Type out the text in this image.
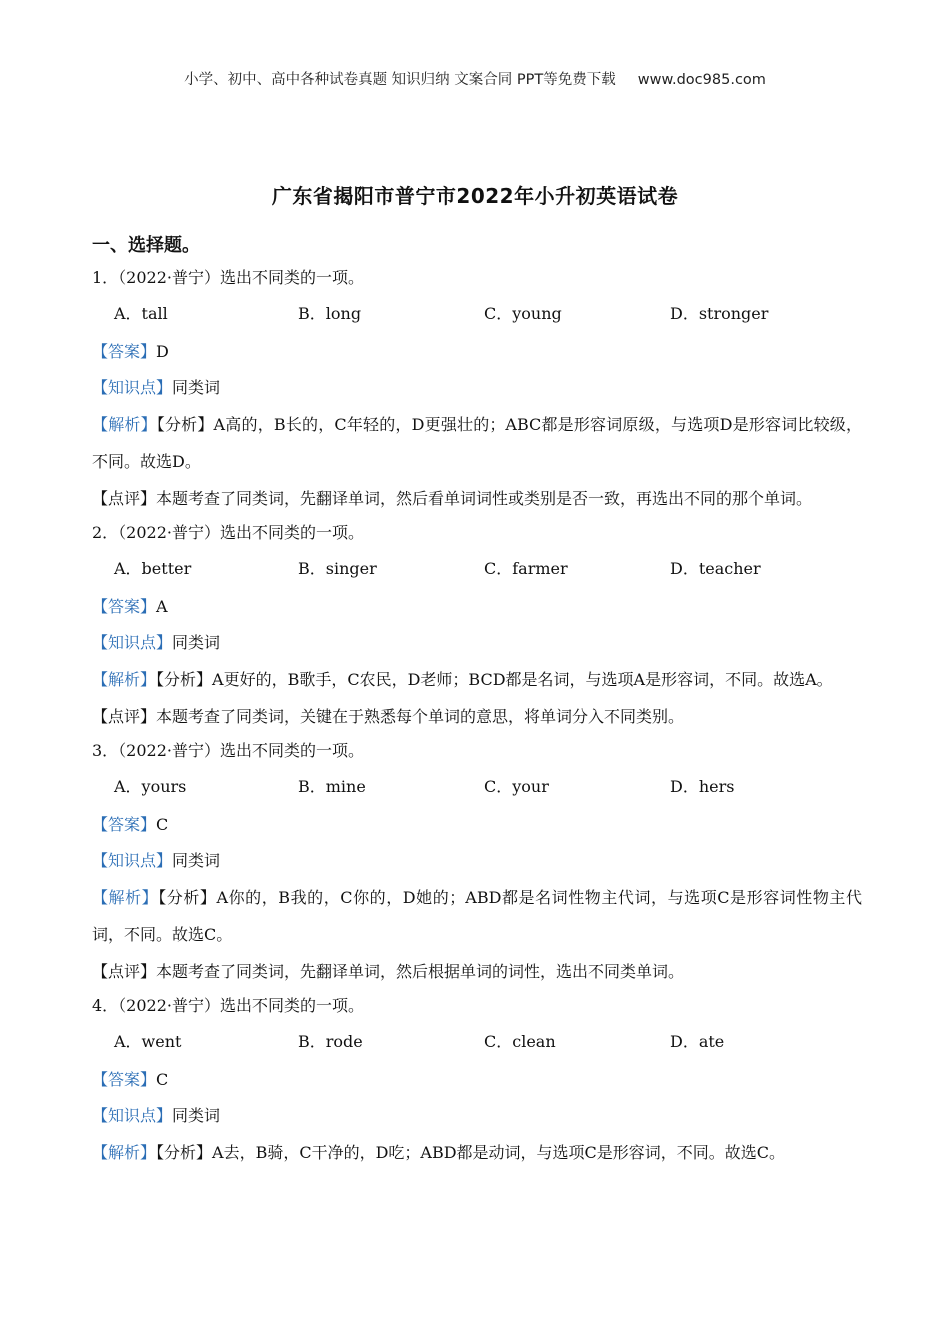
小学、初中、高中各种试卷真题 知识归纳 文案合同 PPT等免费下载 www.doc985.com
广东省揭阳市普宁市2022年小升初英语试卷
一、选择题。
1．（2022·普宁）选出不同类的一项。
A．tall	B．long	C．young	D．stronger
【答案】D
【知识点】同类词
【解析】【分析】A高的，B长的，C年轻的，D更强壮的；ABC都是形容词原级，与选项D是形容词比较级，不同。故选D。
【点评】本题考查了同类词，先翻译单词，然后看单词词性或类别是否一致，再选出不同的那个单词。
2．（2022·普宁）选出不同类的一项。
A．better	B．singer	C．farmer	D．teacher
【答案】A
【知识点】同类词
【解析】【分析】A更好的，B歌手，C农民，D老师；BCD都是名词，与选项A是形容词，不同。故选A。
【点评】本题考查了同类词，关键在于熟悉每个单词的意思，将单词分入不同类别。
3．（2022·普宁）选出不同类的一项。
A．yours	B．mine	C．your	D．hers
【答案】C
【知识点】同类词
【解析】【分析】A你的，B我的，C你的，D她的；ABD都是名词性物主代词，与选项C是形容词性物主代词，不同。故选C。
【点评】本题考查了同类词，先翻译单词，然后根据单词的词性，选出不同类单词。
4．（2022·普宁）选出不同类的一项。
A．went	B．rode	C．clean	D．ate
【答案】C
【知识点】同类词
【解析】【分析】A去，B骑，C干净的，D吃；ABD都是动词，与选项C是形容词，不同。故选C。
